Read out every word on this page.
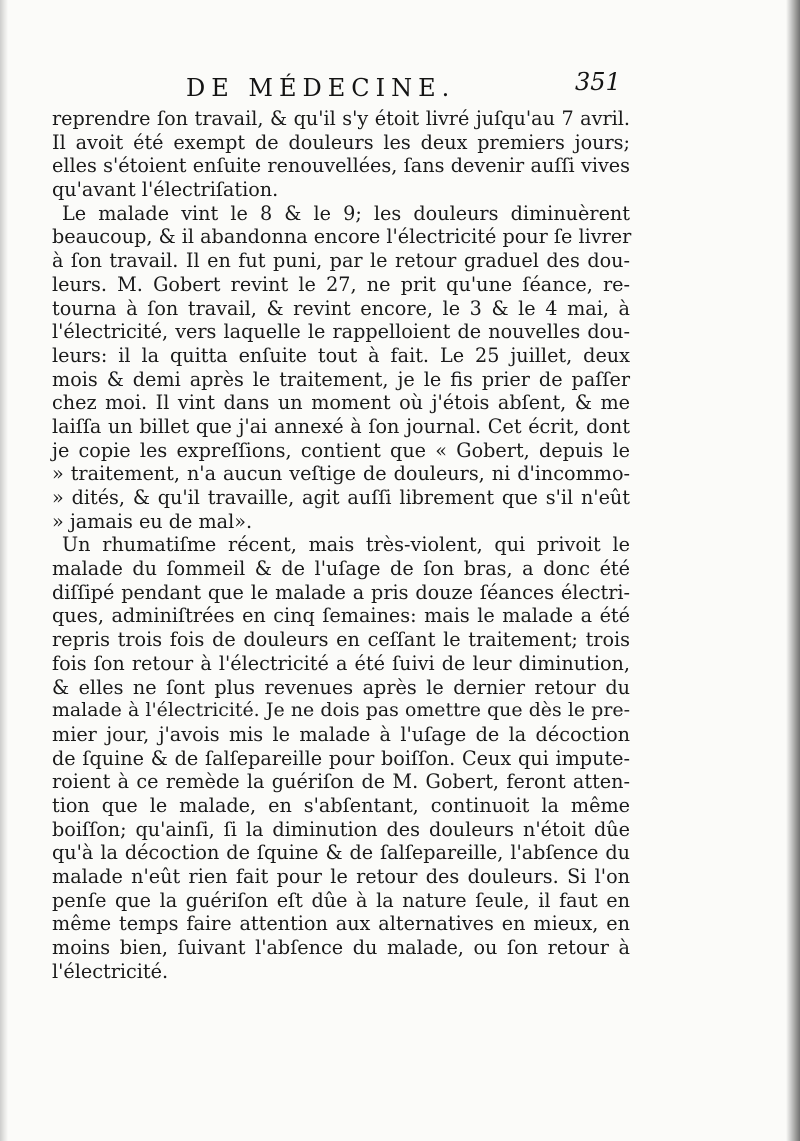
DE MÉDECINE.	351
reprendre ſon travail, & qu'il s'y étoit livré juſqu'au 7 avril.
Il avoit été exempt de douleurs les deux premiers jours;
elles s'étoient enſuite renouvellées, ſans devenir auſſi vives
qu'avant l'électriſation.
Le malade vint le 8 & le 9; les douleurs diminuèrent
beaucoup, & il abandonna encore l'électricité pour ſe livrer
à ſon travail. Il en fut puni, par le retour graduel des dou-
leurs. M. Gobert revint le 27, ne prit qu'une ſéance, re-
tourna à ſon travail, & revint encore, le 3 & le 4 mai, à
l'électricité, vers laquelle le rappelloient de nouvelles dou-
leurs: il la quitta enſuite tout à fait. Le 25 juillet, deux
mois & demi après le traitement, je le fis prier de paſſer
chez moi. Il vint dans un moment où j'étois abſent, & me
laiſſa un billet que j'ai annexé à ſon journal. Cet écrit, dont
je copie les expreſſions, contient que « Gobert, depuis le
» traitement, n'a aucun veſtige de douleurs, ni d'incommo-
» dités, & qu'il travaille, agit auſſi librement que s'il n'eût
» jamais eu de mal».
Un rhumatiſme récent, mais très-violent, qui privoit le
malade du ſommeil & de l'uſage de ſon bras, a donc été
diſſipé pendant que le malade a pris douze ſéances électri-
ques, adminiſtrées en cinq ſemaines: mais le malade a été
repris trois fois de douleurs en ceſſant le traitement; trois
fois ſon retour à l'électricité a été ſuivi de leur diminution,
& elles ne ſont plus revenues après le dernier retour du
malade à l'électricité. Je ne dois pas omettre que dès le pre-
mier jour, j'avois mis le malade à l'uſage de la décoction
de ſquine & de ſalſepareille pour boiſſon. Ceux qui impute-
roient à ce remède la guériſon de M. Gobert, feront atten-
tion que le malade, en s'abſentant, continuoit la même
boiſſon; qu'ainſi, ſi la diminution des douleurs n'étoit dûe
qu'à la décoction de ſquine & de ſalſepareille, l'abſence du
malade n'eût rien fait pour le retour des douleurs. Si l'on
penſe que la guériſon eſt dûe à la nature ſeule, il faut en
même temps faire attention aux alternatives en mieux, en
moins bien, ſuivant l'abſence du malade, ou ſon retour à
l'électricité.
